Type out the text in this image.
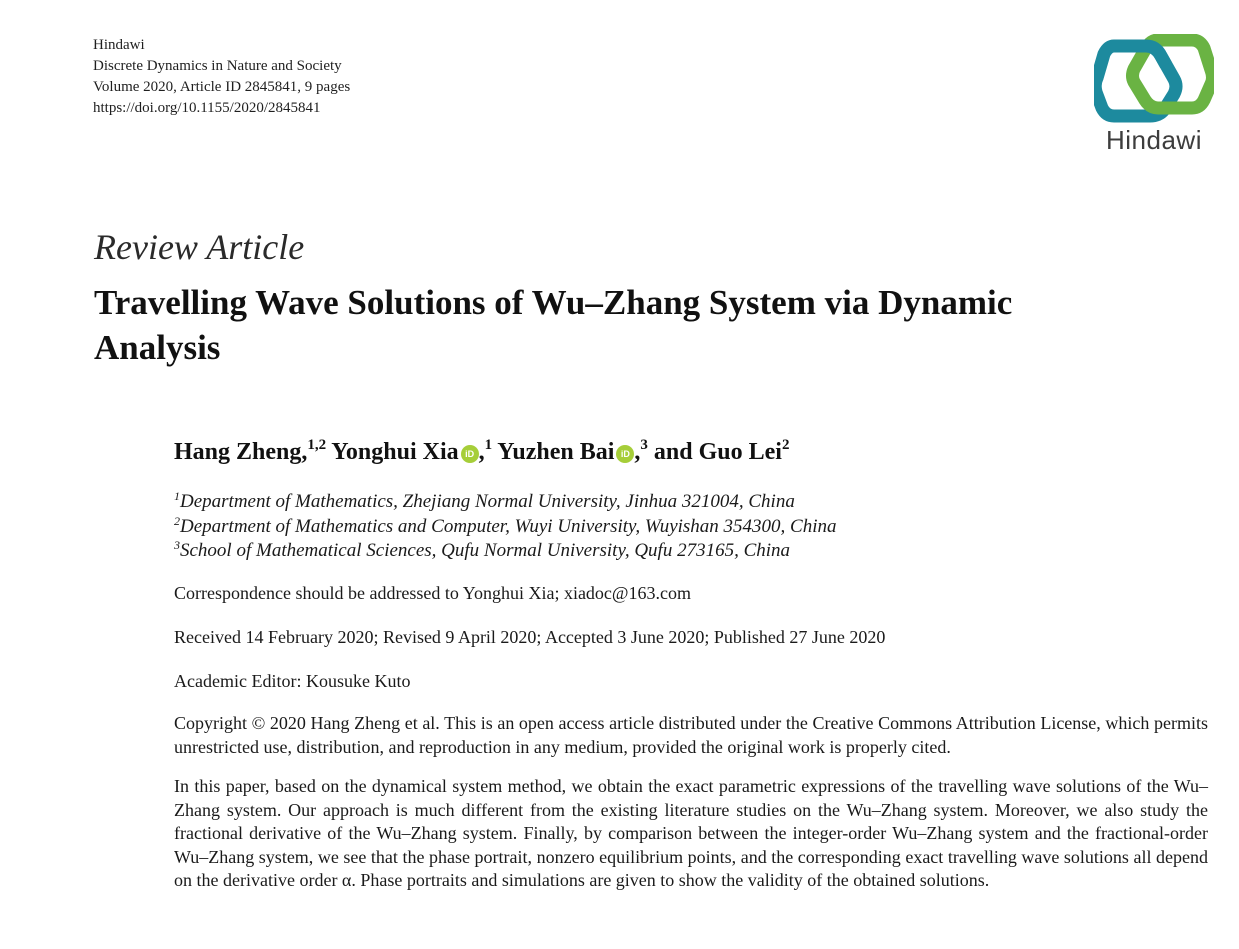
Hindawi
Discrete Dynamics in Nature and Society
Volume 2020, Article ID 2845841, 9 pages
https://doi.org/10.1155/2020/2845841
Hindawi
Review Article
Travelling Wave Solutions of Wu–Zhang System via Dynamic Analysis
Hang Zheng,$^{1,2}$ Yonghui Xia iD ,$^1$ Yuzhen Bai iD ,$^3$ and Guo Lei$^2$
$^1$Department of Mathematics, Zhejiang Normal University, Jinhua 321004, China
$^2$Department of Mathematics and Computer, Wuyi University, Wuyishan 354300, China
$^3$School of Mathematical Sciences, Qufu Normal University, Qufu 273165, China
Correspondence should be addressed to Yonghui Xia; xiadoc@163.com
Received 14 February 2020; Revised 9 April 2020; Accepted 3 June 2020; Published 27 June 2020
Academic Editor: Kousuke Kuto
Copyright © 2020 Hang Zheng et al. This is an open access article distributed under the Creative Commons Attribution License, which permits unrestricted use, distribution, and reproduction in any medium, provided the original work is properly cited.
In this paper, based on the dynamical system method, we obtain the exact parametric expressions of the travelling wave solutions of the Wu–Zhang system. Our approach is much different from the existing literature studies on the Wu–Zhang system. Moreover, we also study the fractional derivative of the Wu–Zhang system. Finally, by comparison between the integer-order Wu–Zhang system and the fractional-order Wu–Zhang system, we see that the phase portrait, nonzero equilibrium points, and the corresponding exact travelling wave solutions all depend on the derivative order α. Phase portraits and simulations are given to show the validity of the obtained solutions.
